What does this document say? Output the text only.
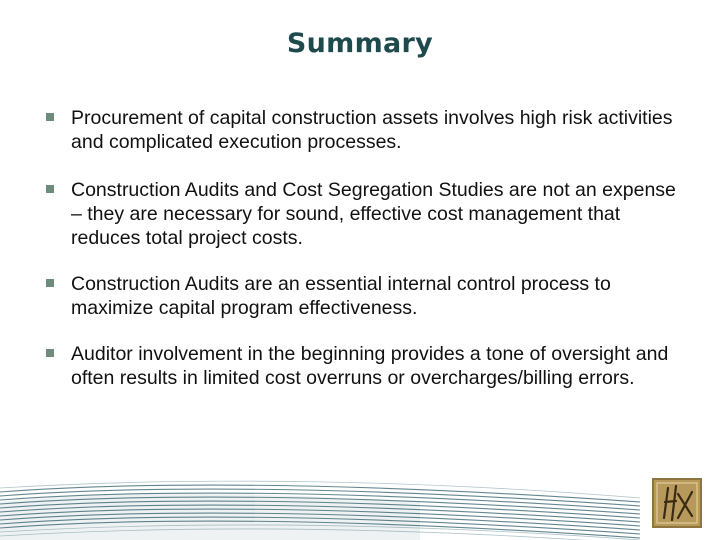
Summary
Procurement of capital construction assets involves high risk activities and complicated execution processes.
Construction Audits and Cost Segregation Studies are not an expense – they are necessary for sound, effective cost management that reduces total project costs.
Construction Audits are an essential internal control process to maximize capital program effectiveness.
Auditor involvement in the beginning provides a tone of oversight and often results in limited cost overruns or overcharges/billing errors.
